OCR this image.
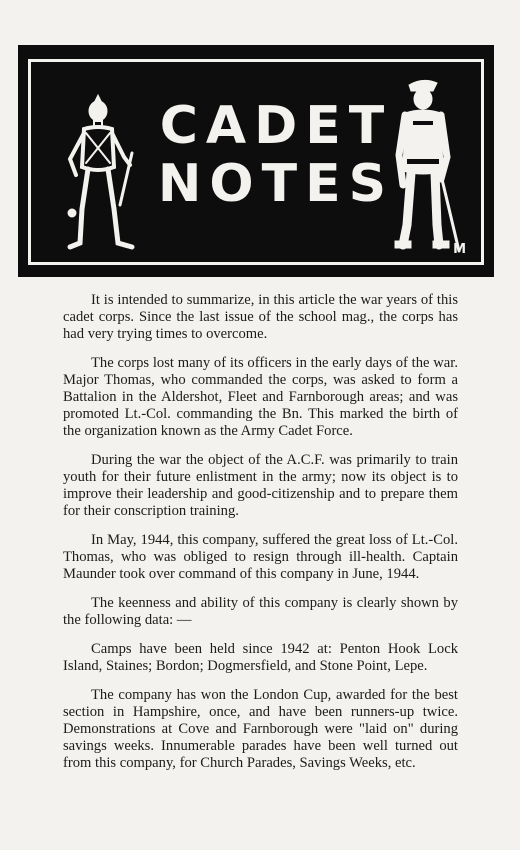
CADET
NOTES
M

It is intended to summarize, in this article the war years of this cadet corps. Since the last issue of the school mag., the corps has had very trying times to overcome.

The corps lost many of its officers in the early days of the war. Major Thomas, who commanded the corps, was asked to form a Battalion in the Aldershot, Fleet and Farnborough areas; and was promoted Lt.-Col. commanding the Bn. This marked the birth of the organization known as the Army Cadet Force.

During the war the object of the A.C.F. was primarily to train youth for their future enlistment in the army; now its object is to improve their leadership and good-citizenship and to prepare them for their conscription training.

In May, 1944, this company, suffered the great loss of Lt.-Col. Thomas, who was obliged to resign through ill-health. Captain Maunder took over command of this company in June, 1944.

The keenness and ability of this company is clearly shown by the following data: —

Camps have been held since 1942 at: Penton Hook Lock Island, Staines; Bordon; Dogmersfield, and Stone Point, Lepe.

The company has won the London Cup, awarded for the best section in Hampshire, once, and have been runners-up twice. Demonstrations at Cove and Farnborough were "laid on" during savings weeks. Innumerable parades have been well turned out from this company, for Church Parades, Savings Weeks, etc.
